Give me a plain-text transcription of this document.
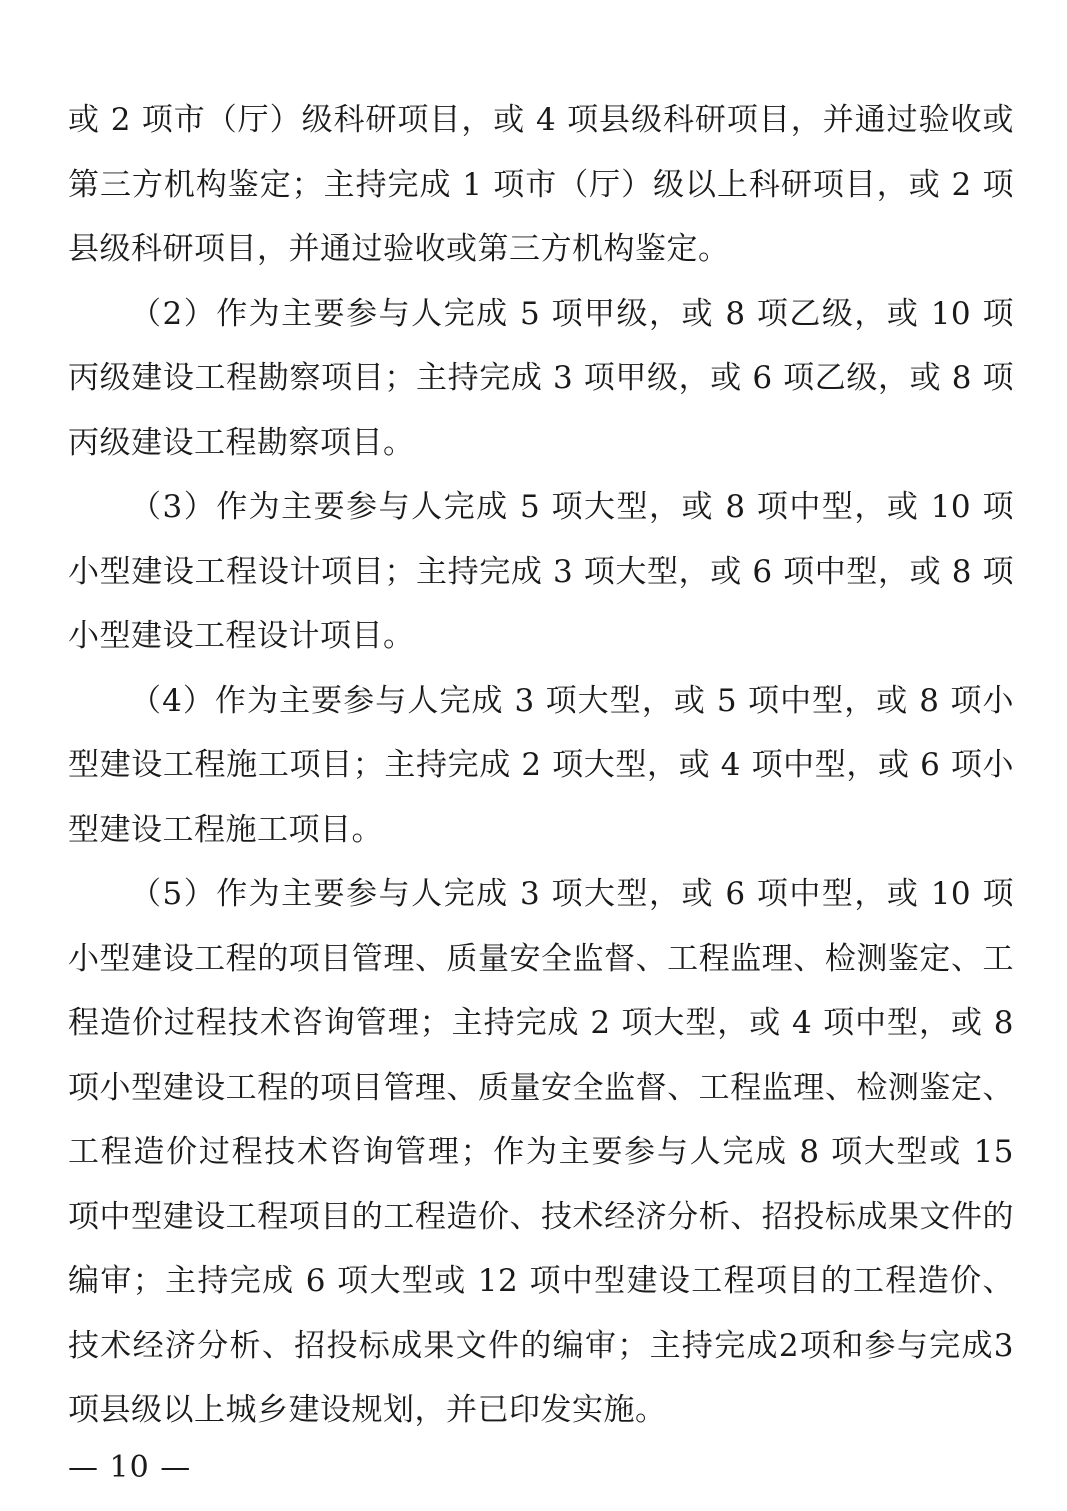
或 2 项市（厅）级科研项目，或 4 项县级科研项目，并通过验收或第三方机构鉴定；主持完成 1 项市（厅）级以上科研项目，或 2 项县级科研项目，并通过验收或第三方机构鉴定。

（2）作为主要参与人完成 5 项甲级，或 8 项乙级，或 10 项丙级建设工程勘察项目；主持完成 3 项甲级，或 6 项乙级，或 8 项丙级建设工程勘察项目。

（3）作为主要参与人完成 5 项大型，或 8 项中型，或 10 项小型建设工程设计项目；主持完成 3 项大型，或 6 项中型，或 8 项小型建设工程设计项目。

（4）作为主要参与人完成 3 项大型，或 5 项中型，或 8 项小型建设工程施工项目；主持完成 2 项大型，或 4 项中型，或 6 项小型建设工程施工项目。

（5）作为主要参与人完成 3 项大型，或 6 项中型，或 10 项小型建设工程的项目管理、质量安全监督、工程监理、检测鉴定、工程造价过程技术咨询管理；主持完成 2 项大型，或 4 项中型，或 8 项小型建设工程的项目管理、质量安全监督、工程监理、检测鉴定、工程造价过程技术咨询管理；作为主要参与人完成 8 项大型或 15 项中型建设工程项目的工程造价、技术经济分析、招投标成果文件的编审；主持完成 6 项大型或 12 项中型建设工程项目的工程造价、技术经济分析、招投标成果文件的编审；主持完成2项和参与完成3项县级以上城乡建设规划，并已印发实施。

— 10 —
